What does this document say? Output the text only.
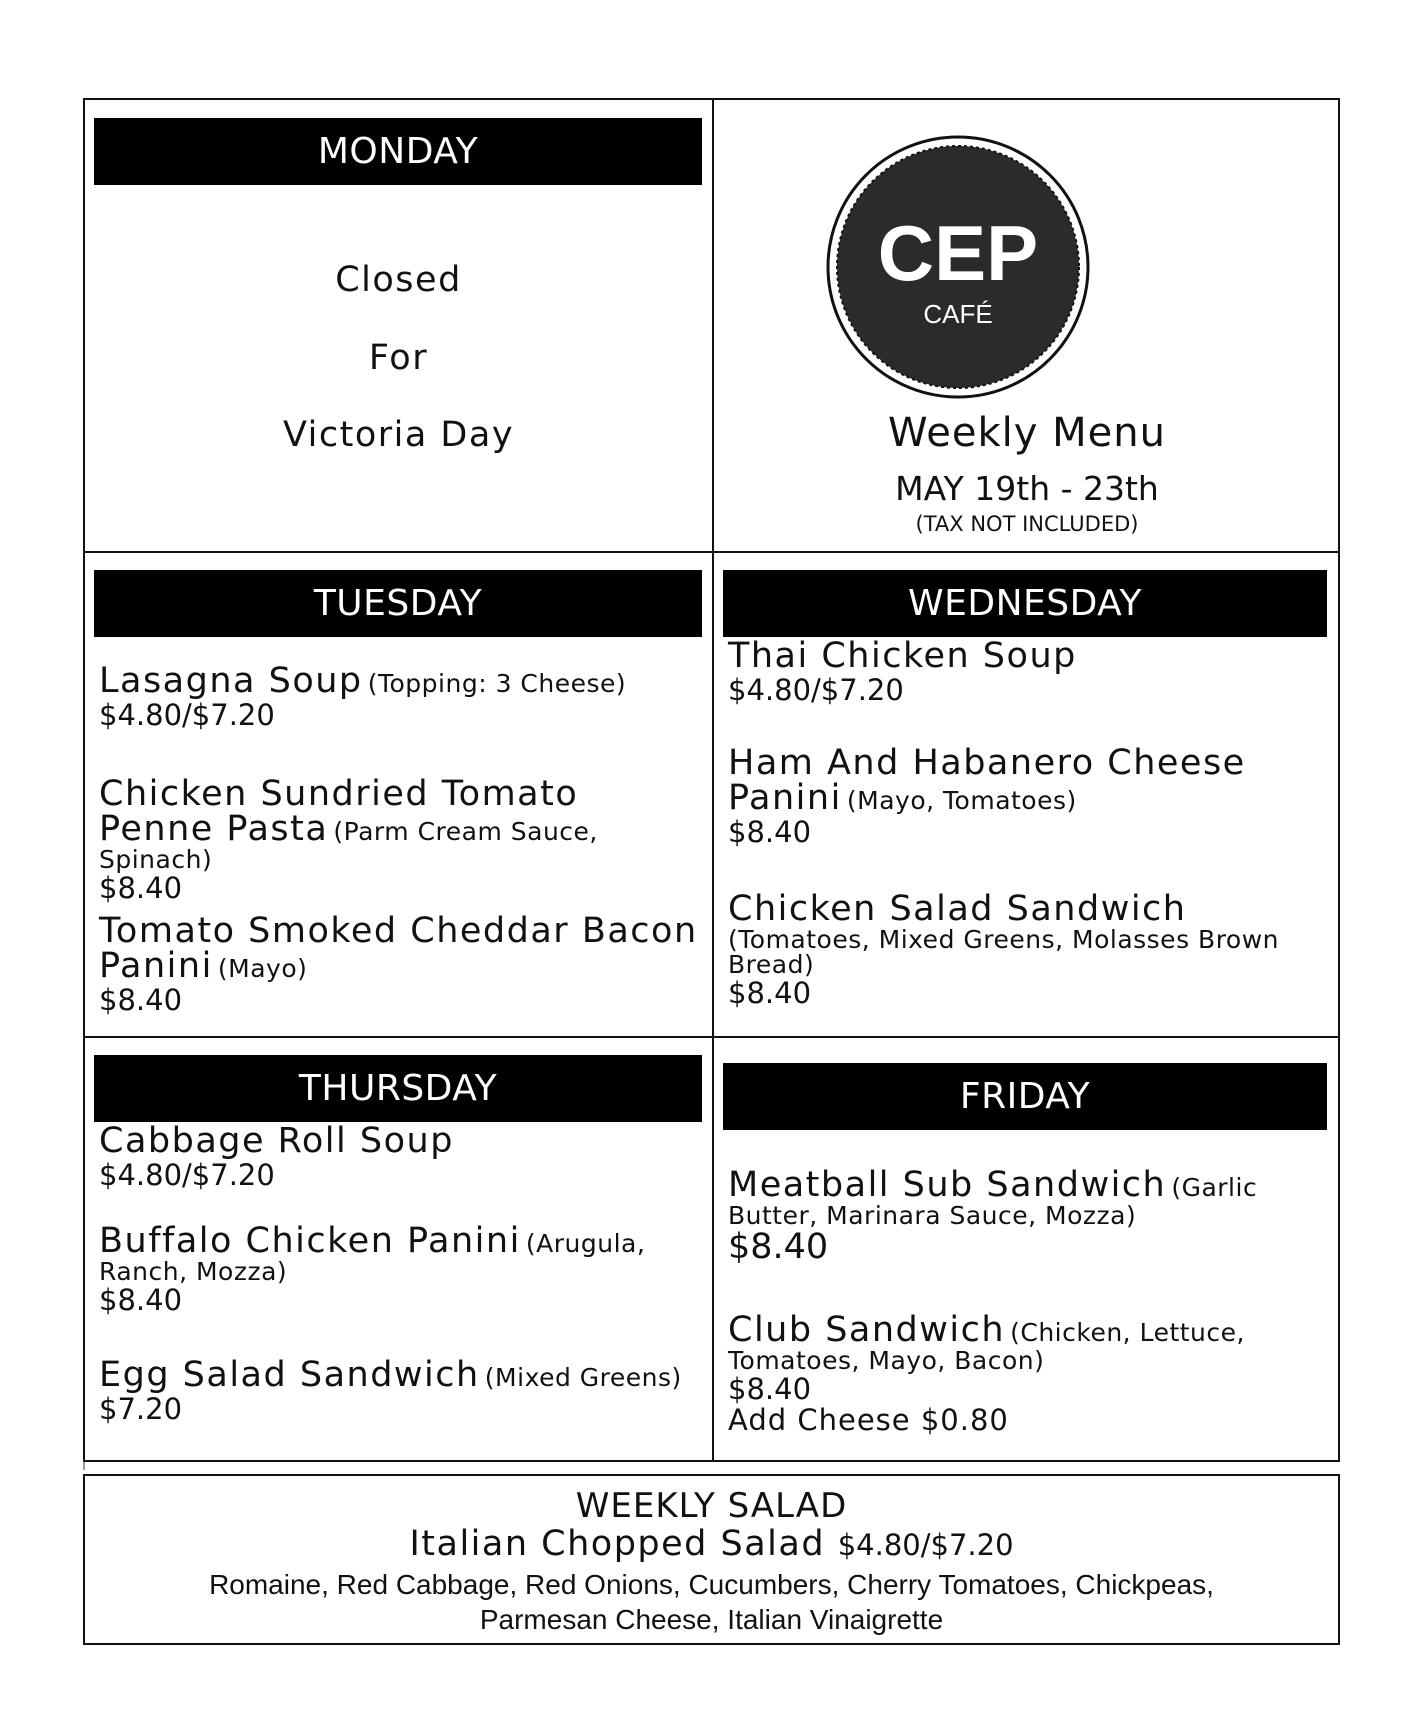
MONDAY
Closed
For
Victoria Day
CEP
CAFÉ
Weekly Menu
MAY 19th - 23th
(TAX NOT INCLUDED)
TUESDAY
Lasagna Soup (Topping: 3 Cheese)
$4.80/$7.20
Chicken Sundried Tomato Penne Pasta (Parm Cream Sauce, Spinach)
$8.40
Tomato Smoked Cheddar Bacon Panini (Mayo)
$8.40
WEDNESDAY
Thai Chicken Soup
$4.80/$7.20
Ham And Habanero Cheese Panini (Mayo, Tomatoes)
$8.40
Chicken Salad Sandwich (Tomatoes, Mixed Greens, Molasses Brown Bread)
$8.40
THURSDAY
Cabbage Roll Soup
$4.80/$7.20
Buffalo Chicken Panini (Arugula, Ranch, Mozza)
$8.40
Egg Salad Sandwich (Mixed Greens)
$7.20
FRIDAY
Meatball Sub Sandwich (Garlic Butter, Marinara Sauce, Mozza)
$8.40
Club Sandwich (Chicken, Lettuce, Tomatoes, Mayo, Bacon)
$8.40
Add Cheese $0.80
WEEKLY SALAD
Italian Chopped Salad $4.80/$7.20
Romaine, Red Cabbage, Red Onions, Cucumbers, Cherry Tomatoes, Chickpeas,
Parmesan Cheese, Italian Vinaigrette
